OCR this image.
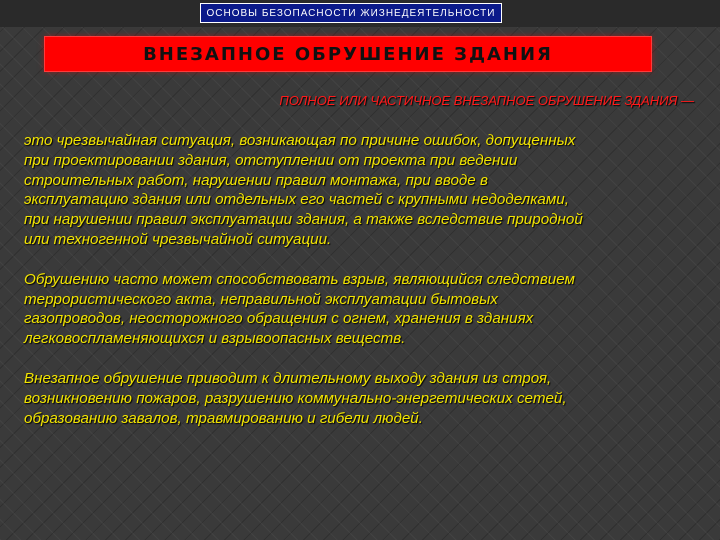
ОСНОВЫ БЕЗОПАСНОСТИ ЖИЗНЕДЕЯТЕЛЬНОСТИ
ВНЕЗАПНОЕ ОБРУШЕНИЕ ЗДАНИЯ
ПОЛНОЕ ИЛИ ЧАСТИЧНОЕ ВНЕЗАПНОЕ ОБРУШЕНИЕ ЗДАНИЯ —

это чрезвычайная ситуация, возникающая по причине ошибок, допущенных
при проектировании здания, отступлении от проекта при ведении
строительных работ, нарушении правил монтажа, при вводе в
эксплуатацию здания или отдельных его частей с крупными недоделками,
при нарушении правил эксплуатации здания, а также вследствие природной
или техногенной чрезвычайной ситуации.

Обрушению часто может способствовать взрыв, являющийся следствием
террористического акта, неправильной эксплуатации бытовых
газопроводов, неосторожного обращения с огнем, хранения в зданиях
легковоспламеняющихся и взрывоопасных веществ.

Внезапное обрушение приводит к длительному выходу здания из строя,
возникновению пожаров, разрушению коммунально-энергетических сетей,
образованию завалов, травмированию и гибели людей.
